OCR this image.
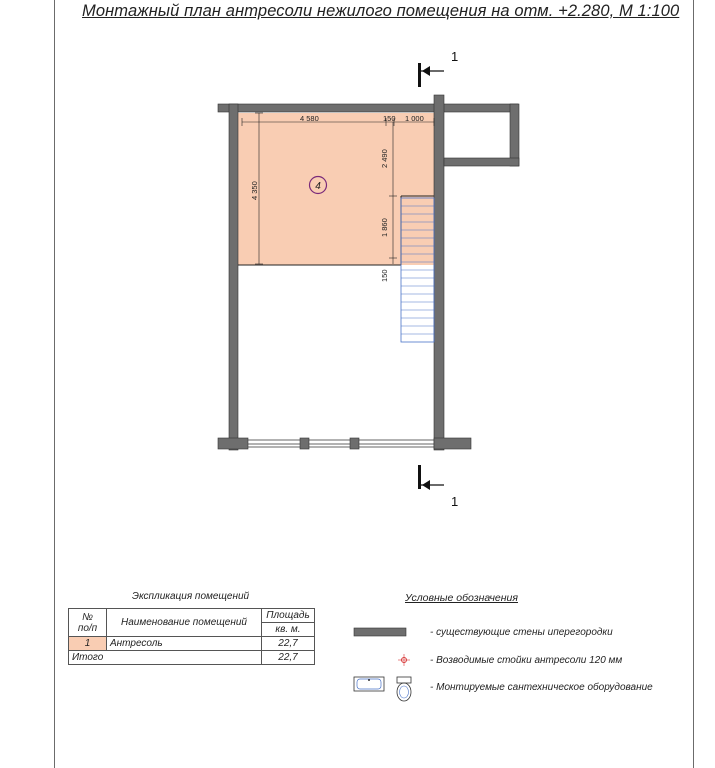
Монтажный план антресоли нежилого помещения на отм. +2.280, М 1:100
4 580	150 1 000
4 350
2 490
1 860
150
4
1
1
Экспликация помещений
№
по/п	Наименование помещений	Площадь
		кв. м.
1	Антресоль	22,7
Итого		22,7
Условные обозначения
- существующие стены иперегородки
- Возводимые стойки антресоли 120 мм
- Монтируемые сантехническое оборудование
